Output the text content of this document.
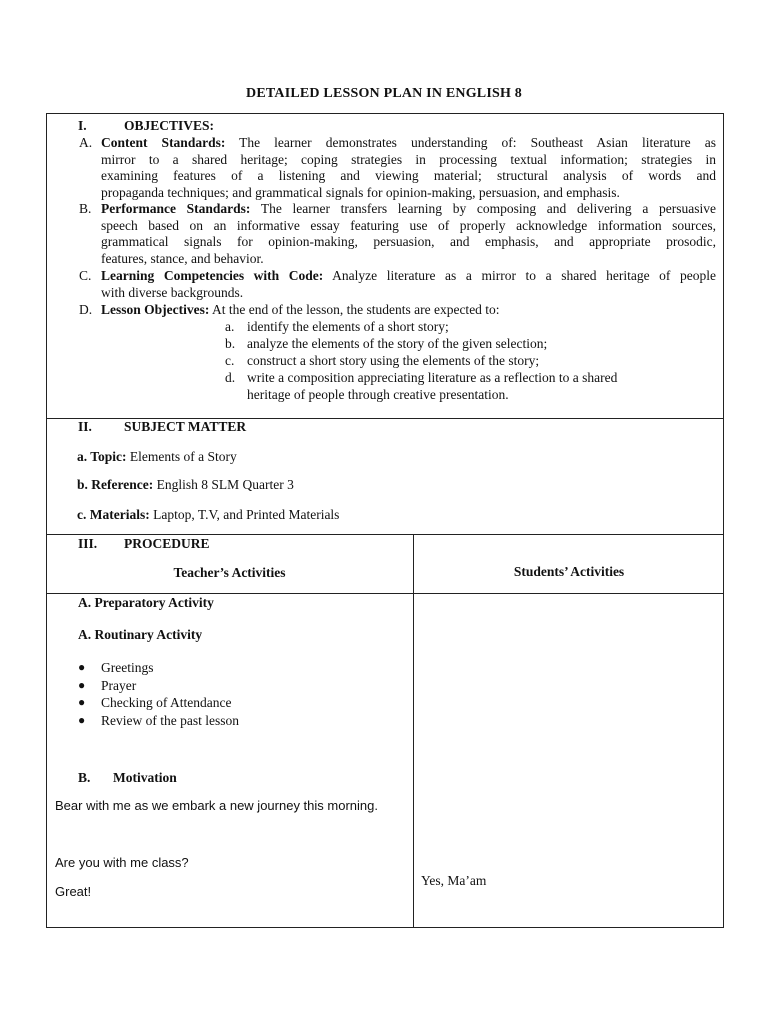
DETAILED LESSON PLAN IN ENGLISH 8
I.	OBJECTIVES:
A. Content Standards: The learner demonstrates understanding of: Southeast Asian literature as
mirror to a shared heritage; coping strategies in processing textual information; strategies in
examining features of a listening and viewing material; structural analysis of words and
propaganda techniques; and grammatical signals for opinion-making, persuasion, and emphasis.
B. Performance Standards: The learner transfers learning by composing and delivering a persuasive
speech based on an informative essay featuring use of properly acknowledge information sources,
grammatical signals for opinion-making, persuasion, and emphasis, and appropriate prosodic,
features, stance, and behavior.
C. Learning Competencies with Code: Analyze literature as a mirror to a shared heritage of people
with diverse backgrounds.
D. Lesson Objectives: At the end of the lesson, the students are expected to:
a. identify the elements of a short story;
b. analyze the elements of the story of the given selection;
c. construct a short story using the elements of the story;
d. write a composition appreciating literature as a reflection to a shared
heritage of people through creative presentation.
II. SUBJECT MATTER
a. Topic: Elements of a Story
b. Reference: English 8 SLM Quarter 3
c. Materials: Laptop, T.V, and Printed Materials
III. PROCEDURE
Teacher’s Activities	Students’ Activities
A. Preparatory Activity
A. Routinary Activity
● Greetings
● Prayer
● Checking of Attendance
● Review of the past lesson
B. Motivation
Bear with me as we embark a new journey this morning.
Are you with me class?
Great!
Yes, Ma’am
